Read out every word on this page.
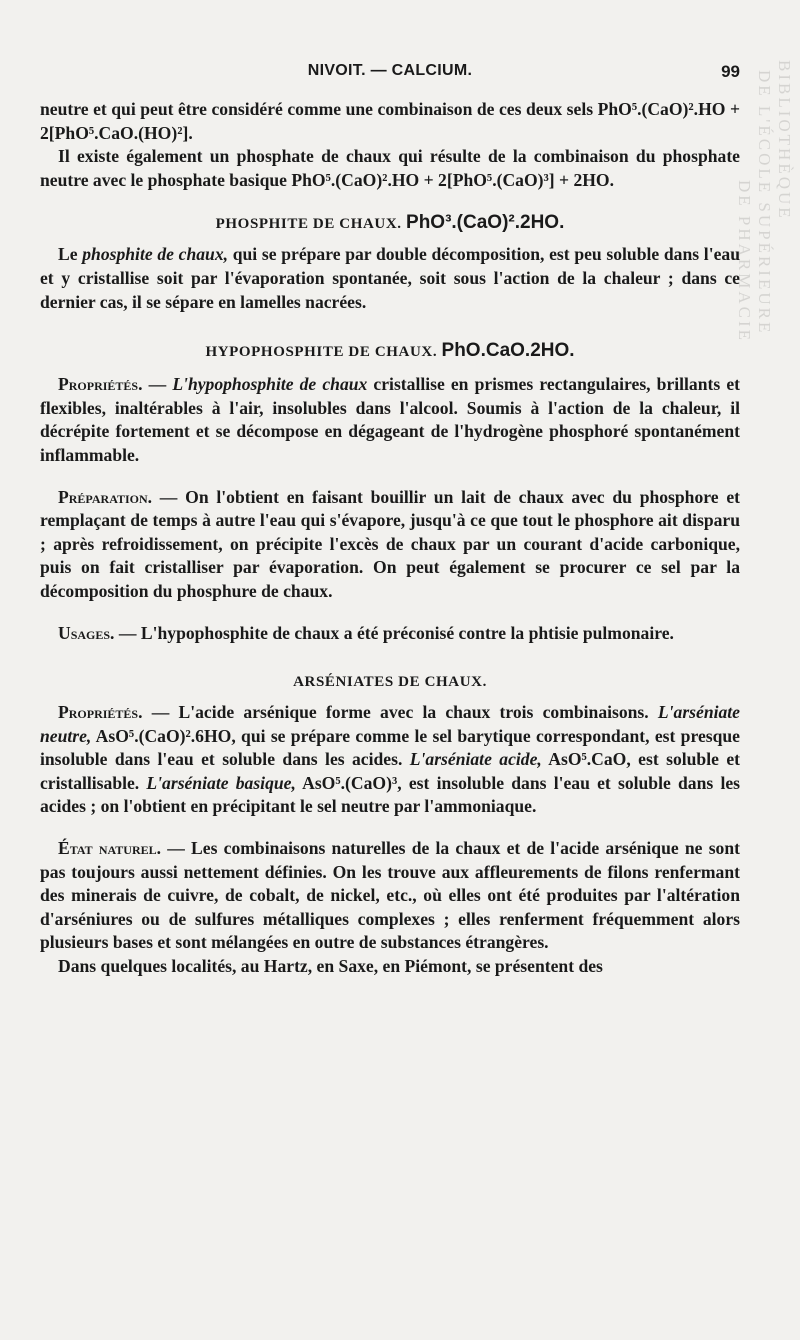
BIBLIOTHÈQUE
DE L'ÉCOLE SUPÉRIEURE
DE PHARMACIE
NIVOIT. — CALCIUM.	99

neutre et qui peut être considéré comme une combinaison de ces deux sels PhO⁵.(CaO)².HO + 2[PhO⁵.CaO.(HO)²].

Il existe également un phosphate de chaux qui résulte de la combinaison du phosphate neutre avec le phosphate basique PhO⁵.(CaO)².HO + 2[PhO⁵.(CaO)³] + 2HO.

PHOSPHITE DE CHAUX. PhO³.(CaO)².2HO.

Le phosphite de chaux, qui se prépare par double décomposition, est peu soluble dans l'eau et y cristallise soit par l'évaporation spontanée, soit sous l'action de la chaleur ; dans ce dernier cas, il se sépare en lamelles nacrées.

HYPOPHOSPHITE DE CHAUX. PhO.CaO.2HO.

Propriétés. — L'hypophosphite de chaux cristallise en prismes rectangulaires, brillants et flexibles, inaltérables à l'air, insolubles dans l'alcool. Soumis à l'action de la chaleur, il décrépite fortement et se décompose en dégageant de l'hydrogène phosphoré spontanément inflammable.

Préparation. — On l'obtient en faisant bouillir un lait de chaux avec du phosphore et remplaçant de temps à autre l'eau qui s'évapore, jusqu'à ce que tout le phosphore ait disparu ; après refroidissement, on précipite l'excès de chaux par un courant d'acide carbonique, puis on fait cristalliser par évaporation. On peut également se procurer ce sel par la décomposition du phosphure de chaux.

Usages. — L'hypophosphite de chaux a été préconisé contre la phtisie pulmonaire.

ARSÉNIATES DE CHAUX.

Propriétés. — L'acide arsénique forme avec la chaux trois combinaisons. L'arséniate neutre, AsO⁵.(CaO)².6HO, qui se prépare comme le sel barytique correspondant, est presque insoluble dans l'eau et soluble dans les acides. L'arséniate acide, AsO⁵.CaO, est soluble et cristallisable. L'arséniate basique, AsO⁵.(CaO)³, est insoluble dans l'eau et soluble dans les acides ; on l'obtient en précipitant le sel neutre par l'ammoniaque.

État naturel. — Les combinaisons naturelles de la chaux et de l'acide arsénique ne sont pas toujours aussi nettement définies. On les trouve aux affleurements de filons renfermant des minerais de cuivre, de cobalt, de nickel, etc., où elles ont été produites par l'altération d'arséniures ou de sulfures métalliques complexes ; elles renferment fréquemment alors plusieurs bases et sont mélangées en outre de substances étrangères.

Dans quelques localités, au Hartz, en Saxe, en Piémont, se présentent des
